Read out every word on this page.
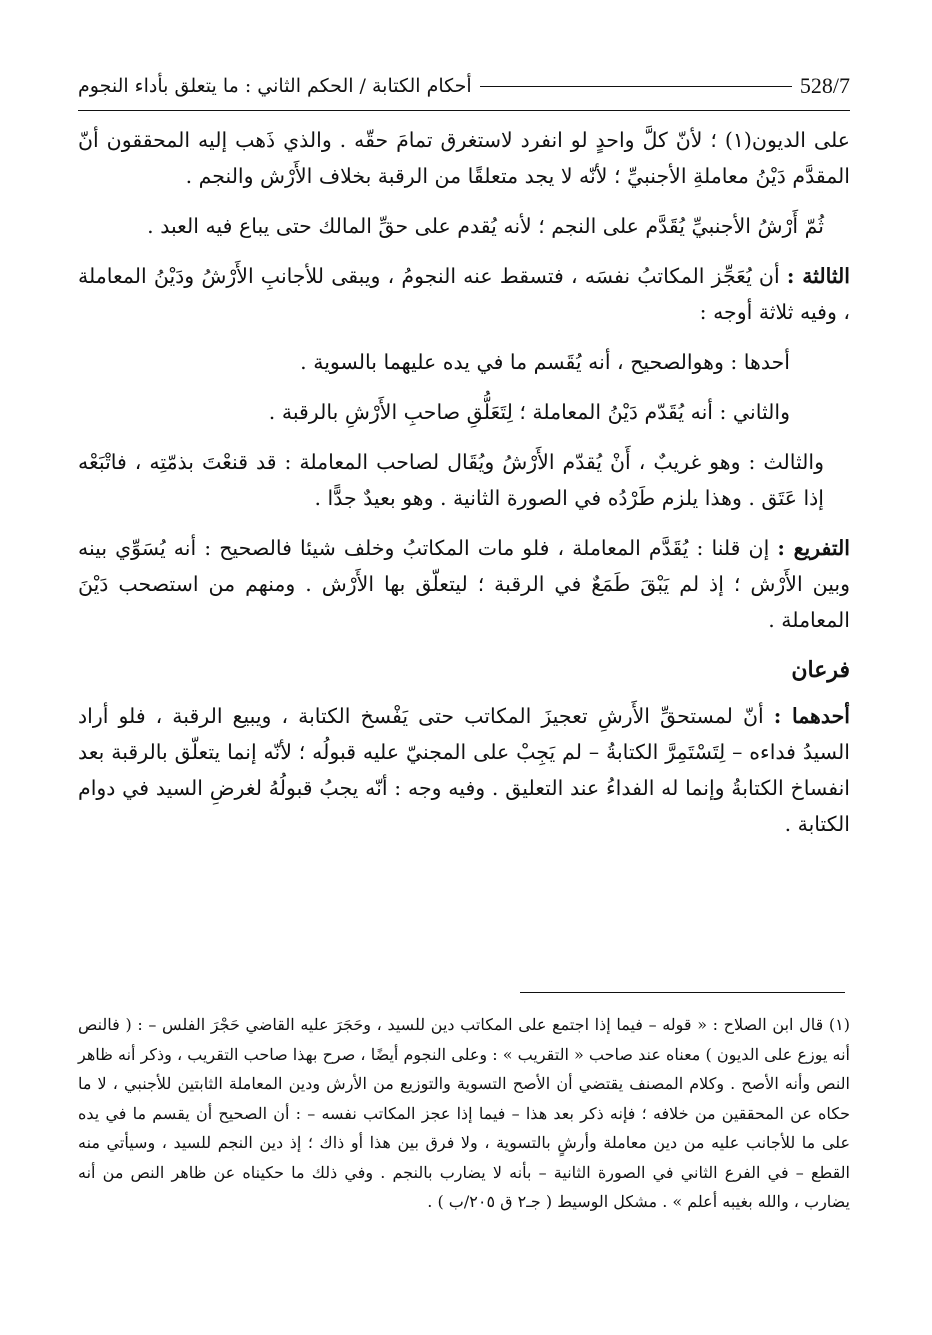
528/7
أحكام الكتابة / الحكم الثاني : ما يتعلق بأداء النجوم

على الديون(١) ؛ لأنّ كلَّ واحدٍ لو انفرد لاستغرق تمامَ حقّه . والذي ذَهب إليه المحققون أنّ المقدَّم دَيْنُ معاملةِ الأجنبيِّ ؛ لأنّه لا يجد متعلقًا من الرقبة بخلاف الأَرْش والنجم .

ثُمّ أَرْشُ الأجنبيِّ يُقَدَّم على النجم ؛ لأنه يُقدم على حقِّ المالك حتى يباع فيه العبد .

الثالثة : أن يُعَجِّز المكاتبُ نفسَه ، فتسقط عنه النجومُ ، ويبقى للأجانبِ الأَرْشُ ودَيْنُ المعاملة ، وفيه ثلاثة أوجه :

أحدها : وهوالصحيح ، أنه يُقَسم ما في يده عليهما بالسوية .

والثاني : أنه يُقَدّم دَيْنُ المعاملة ؛ لِتَعَلُّقِ صاحبِ الأَرْشِ بالرقبة .

والثالث : وهو غريبٌ ، أَنْ يُقدّم الأَرْشُ ويُقَال لصاحب المعاملة : قد قنعْتَ بذمّتِه ، فاتْبَعْه إذا عَتَق . وهذا يلزم طَرْدُه في الصورة الثانية . وهو بعيدٌ جدًّا .

التفريع : إن قلنا : يُقَدَّم المعاملة ، فلو مات المكاتبُ وخلف شيئا فالصحيح : أنه يُسَوِّي بينه وبين الأَرْش ؛ إذ لم يَبْقَ طَمَعٌ في الرقبة ؛ ليتعلّق بها الأَرْش . ومنهم من استصحب دَيْنَ المعاملة .

فرعان

أحدهما : أنّ لمستحقِّ الأَرشِ تعجيزَ المكاتب حتى يَفْسخ الكتابة ، ويبيع الرقبة ، فلو أراد السيدُ فداءه – لِتَسْتَمِرَّ الكتابةُ – لم يَجِبْ على المجنيّ عليه قبولُه ؛ لأنّه إنما يتعلّق بالرقبة بعد انفساخ الكتابةُ وإنما له الفداءُ عند التعليق . وفيه وجه : أنّه يجبُ قبولُهُ لغرضِ السيد في دوام الكتابة .

(١) قال ابن الصلاح : « قوله – فيما إذا اجتمع على المكاتب دين للسيد ، وحَجَرَ عليه القاضي حَجْرَ الفلس – : ( فالنص أنه يوزع على الديون ) معناه عند صاحب « التقريب » : وعلى النجوم أيضًا ، صرح بهذا صاحب التقريب ، وذكر أنه ظاهر النص وأنه الأصح . وكلام المصنف يقتضي أن الأصح التسوية والتوزيع من الأرش ودين المعاملة الثابتين للأجنبي ، لا ما حكاه عن المحققين من خلافه ؛ فإنه ذكر بعد هذا – فيما إذا عجز المكاتب نفسه – : أن الصحيح أن يقسم ما في يده على ما للأجانب عليه من دين معاملة وأرشٍ بالتسوية ، ولا فرق بين هذا أو ذاك ؛ إذ دين النجم للسيد ، وسيأتي منه القطع – في الفرع الثاني في الصورة الثانية – بأنه لا يضارب بالنجم . وفي ذلك ما حكيناه عن ظاهر النص من أنه يضارب ، والله بغيبه أعلم » . مشكل الوسيط ( جـ٢ ق ٢٠٥/ب ) .
